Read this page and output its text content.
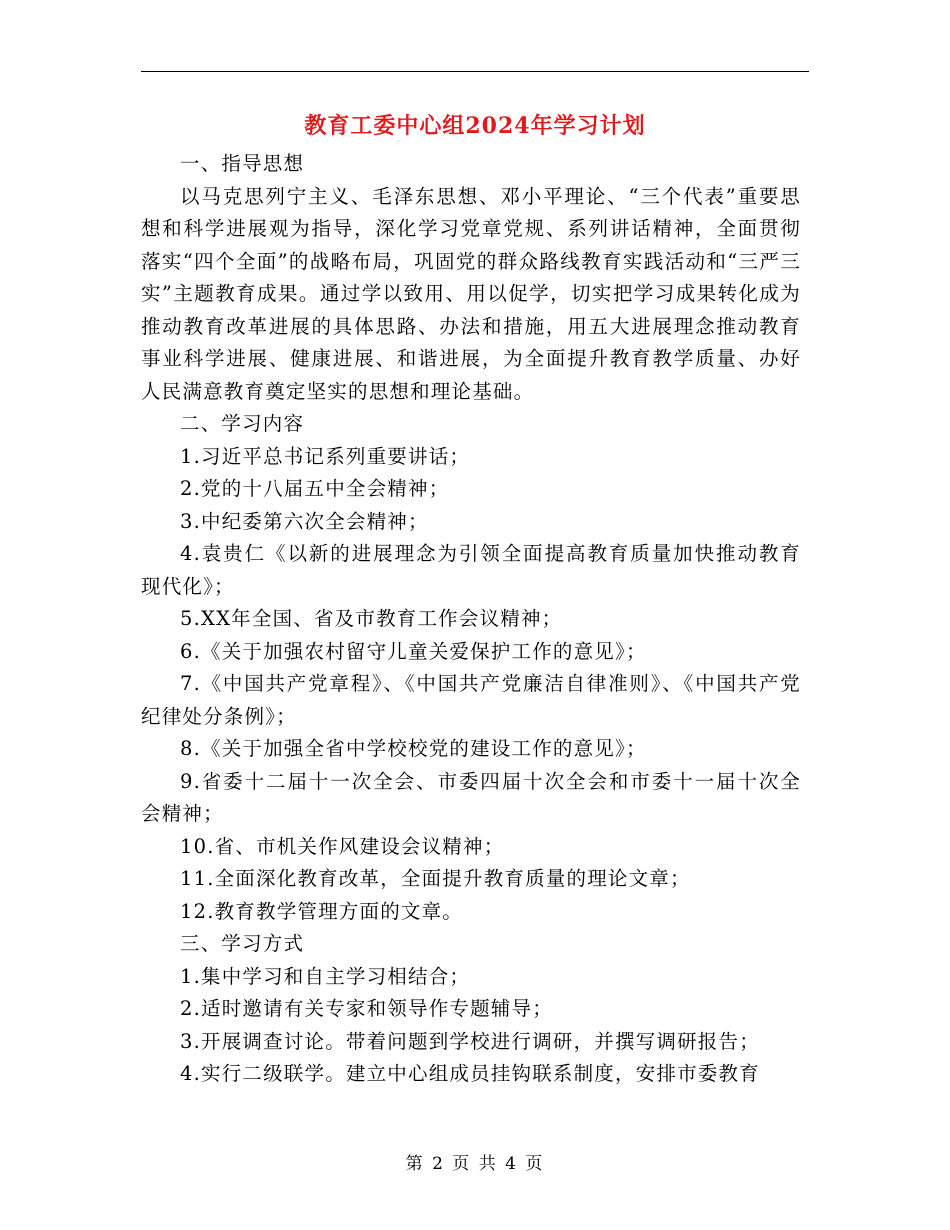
教育工委中心组2024年学习计划

一、指导思想

以马克思列宁主义、毛泽东思想、邓小平理论、“三个代表”重要思想和科学进展观为指导，深化学习党章党规、系列讲话精神，全面贯彻落实“四个全面”的战略布局，巩固党的群众路线教育实践活动和“三严三实”主题教育成果。通过学以致用、用以促学，切实把学习成果转化成为推动教育改革进展的具体思路、办法和措施，用五大进展理念推动教育事业科学进展、健康进展、和谐进展，为全面提升教育教学质量、办好人民满意教育奠定坚实的思想和理论基础。

二、学习内容

1.习近平总书记系列重要讲话；

2.党的十八届五中全会精神；

3.中纪委第六次全会精神；

4.袁贵仁《以新的进展理念为引领全面提高教育质量加快推动教育现代化》；

5.XX年全国、省及市教育工作会议精神；

6.《关于加强农村留守儿童关爱保护工作的意见》；

7.《中国共产党章程》、《中国共产党廉洁自律准则》、《中国共产党纪律处分条例》；

8.《关于加强全省中学校校党的建设工作的意见》；

9.省委十二届十一次全会、市委四届十次全会和市委十一届十次全会精神；

10.省、市机关作风建设会议精神；

11.全面深化教育改革，全面提升教育质量的理论文章；

12.教育教学管理方面的文章。

三、学习方式

1.集中学习和自主学习相结合；

2.适时邀请有关专家和领导作专题辅导；

3.开展调查讨论。带着问题到学校进行调研，并撰写调研报告；

4.实行二级联学。建立中心组成员挂钩联系制度，安排市委教育

第 2 页 共 4 页
